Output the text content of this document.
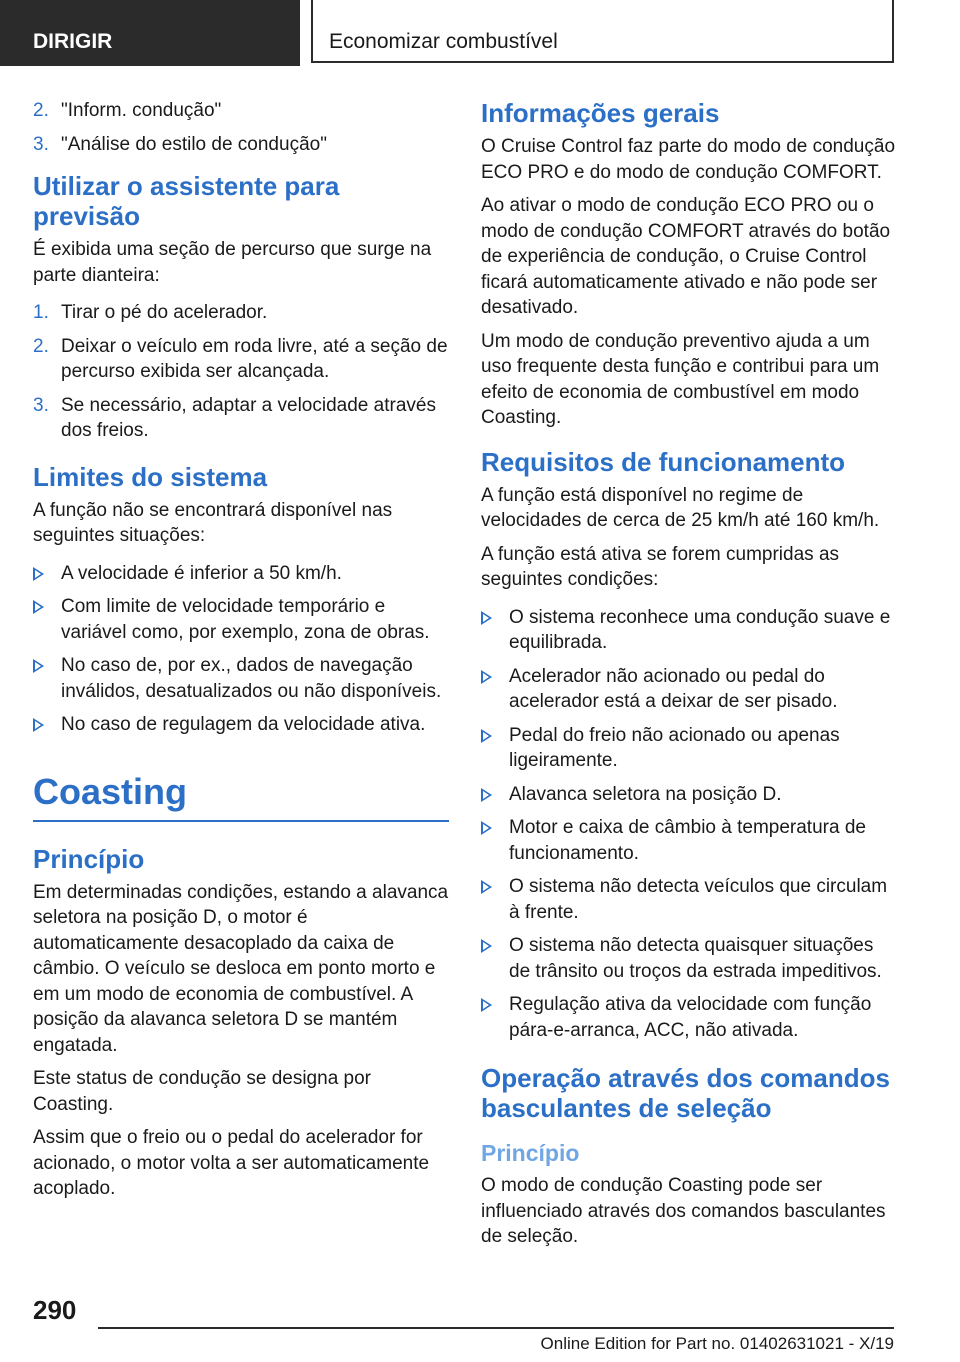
DIRIGIR	Economizar combustível
2. "Inform. condução"
3. "Análise do estilo de condução"
Utilizar o assistente para previsão

É exibida uma seção de percurso que surge na parte dianteira:

1. Tirar o pé do acelerador.
2. Deixar o veículo em roda livre, até a seção de percurso exibida ser alcançada.
3. Se necessário, adaptar a velocidade através dos freios.
Limites do sistema

A função não se encontrará disponível nas seguintes situações:

A velocidade é inferior a 50 km/h.
Com limite de velocidade temporário e variável como, por exemplo, zona de obras.
No caso de, por ex., dados de navegação inválidos, desatualizados ou não disponíveis.
No caso de regulagem da velocidade ativa.
Coasting
Princípio

Em determinadas condições, estando a alavanca seletora na posição D, o motor é automaticamente desacoplado da caixa de câmbio. O veículo se desloca em ponto morto e em um modo de economia de combustível. A posição da alavanca seletora D se mantém engatada.

Este status de condução se designa por Coasting.

Assim que o freio ou o pedal do acelerador for acionado, o motor volta a ser automaticamente acoplado.

Informações gerais

O Cruise Control faz parte do modo de condução ECO PRO e do modo de condução COMFORT.

Ao ativar o modo de condução ECO PRO ou o modo de condução COMFORT através do botão de experiência de condução, o Cruise Control ficará automaticamente ativado e não pode ser desativado.

Um modo de condução preventivo ajuda a um uso frequente desta função e contribui para um efeito de economia de combustível em modo Coasting.

Requisitos de funcionamento

A função está disponível no regime de velocidades de cerca de 25 km/h até 160 km/h.

A função está ativa se forem cumpridas as seguintes condições:

O sistema reconhece uma condução suave e equilibrada.
Acelerador não acionado ou pedal do acelerador está a deixar de ser pisado.
Pedal do freio não acionado ou apenas ligeiramente.
Alavanca seletora na posição D.
Motor e caixa de câmbio à temperatura de funcionamento.
O sistema não detecta veículos que circulam à frente.
O sistema não detecta quaisquer situações de trânsito ou troços da estrada impeditivos.
Regulação ativa da velocidade com função pára-e-arranca, ACC, não ativada.
Operação através dos comandos basculantes de seleção
Princípio

O modo de condução Coasting pode ser influenciado através dos comandos basculantes de seleção.

290
Online Edition for Part no. 01402631021 - X/19
